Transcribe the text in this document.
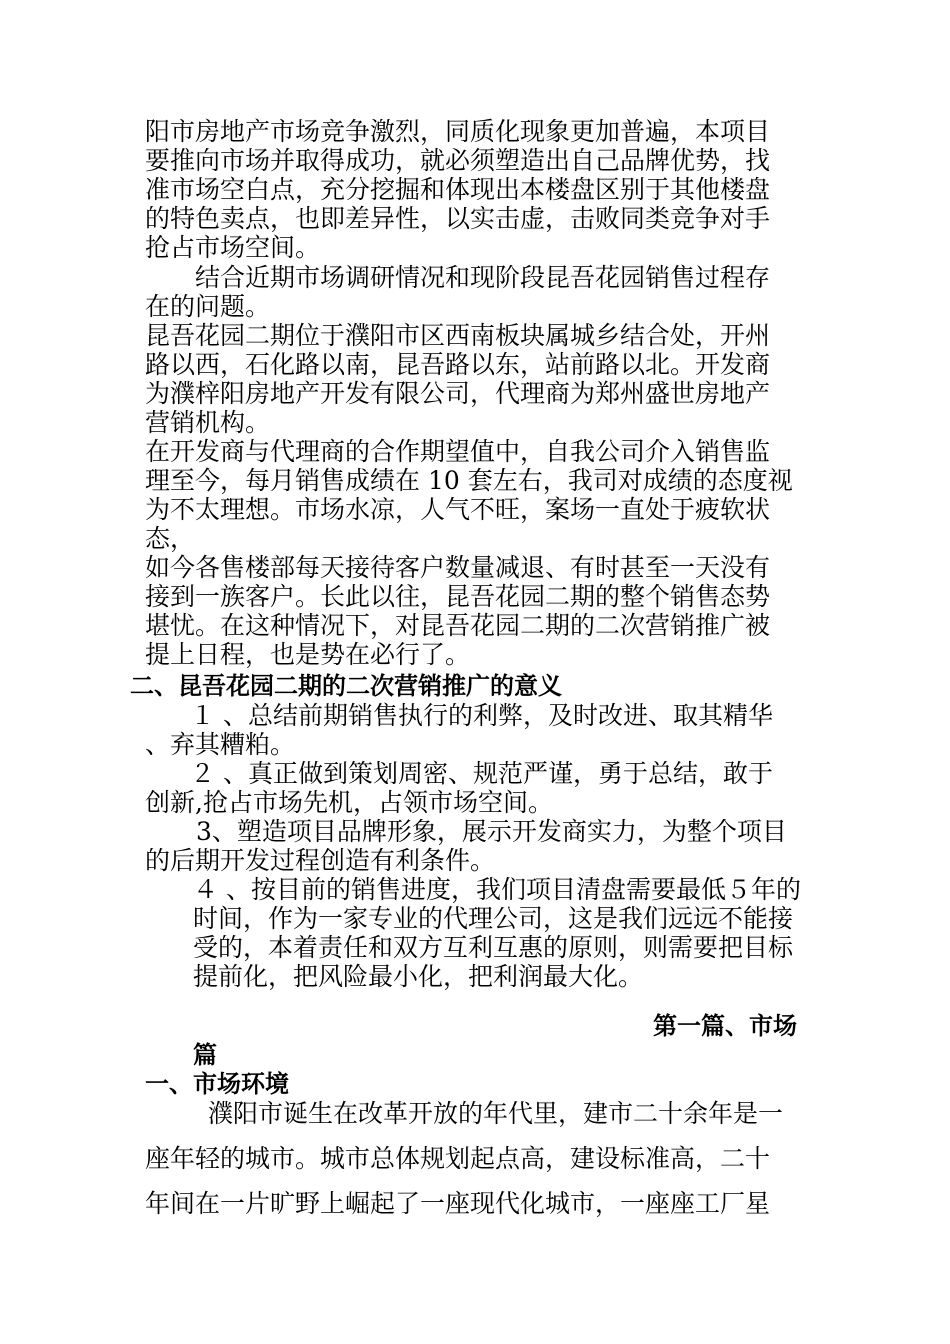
阳市房地产市场竞争激烈，同质化现象更加普遍，本项目
要推向市场并取得成功，就必须塑造出自己品牌优势，找
准市场空白点，充分挖掘和体现出本楼盘区别于其他楼盘
的特色卖点，也即差异性，以实击虚，击败同类竞争对手
抢占市场空间。
结合近期市场调研情况和现阶段昆吾花园销售过程存
在的问题。
昆吾花园二期位于濮阳市区西南板块属城乡结合处，开州
路以西，石化路以南，昆吾路以东，站前路以北。开发商
为濮梓阳房地产开发有限公司，代理商为郑州盛世房地产
营销机构。
在开发商与代理商的合作期望值中，自我公司介入销售监
理至今，每月销售成绩在 10 套左右，我司对成绩的态度视
为不太理想。市场水凉，人气不旺，案场一直处于疲软状
态，
如今各售楼部每天接待客户数量减退、有时甚至一天没有
接到一族客户。长此以往，昆吾花园二期的整个销售态势
堪忧。在这种情况下，对昆吾花园二期的二次营销推广被
提上日程，也是势在必行了。
二、昆吾花园二期的二次营销推广的意义
１ 、总结前期销售执行的利弊，及时改进、取其精华
、弃其糟粕。
２ 、真正做到策划周密、规范严谨，勇于总结，敢于
创新,抢占市场先机，占领市场空间。
3、塑造项目品牌形象，展示开发商实力，为整个项目
的后期开发过程创造有利条件。
４ 、按目前的销售进度，我们项目清盘需要最低５年的
时间，作为一家专业的代理公司，这是我们远远不能接
受的，本着责任和双方互利互惠的原则，则需要把目标
提前化，把风险最小化，把利润最大化。
第一篇、市场
篇
一、市场环境
濮阳市诞生在改革开放的年代里，建市二十余年是一
座年轻的城市。城市总体规划起点高，建设标准高，二十
年间在一片旷野上崛起了一座现代化城市，一座座工厂星
